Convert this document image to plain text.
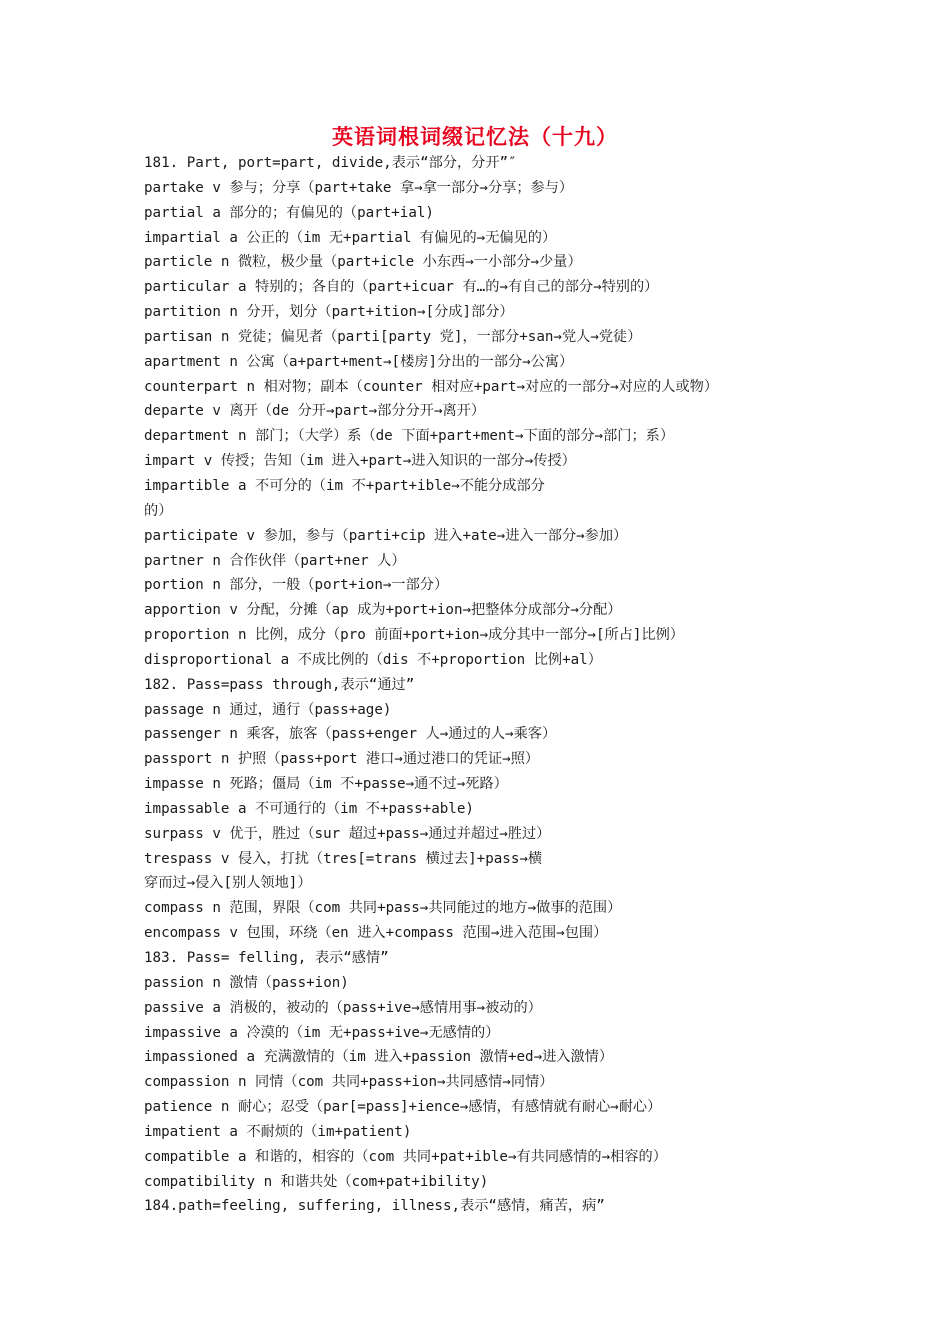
英语词根词缀记忆法（十九）
181. Part, port=part, divide,表示“部分，分开”″
partake v 参与；分享（part+take 拿→拿一部分→分享；参与）
partial a 部分的；有偏见的（part+ial)
impartial a 公正的（im 无+partial 有偏见的→无偏见的）
particle n 微粒，极少量（part+icle 小东西→一小部分→少量）
particular a 特别的；各自的（part+icuar 有…的→有自己的部分→特别的）
partition n 分开，划分（part+ition→[分成]部分）
partisan n 党徒；偏见者（parti[party 党]，一部分+san→党人→党徒）
apartment n 公寓（a+part+ment→[楼房]分出的一部分→公寓）
counterpart n 相对物；副本（counter 相对应+part→对应的一部分→对应的人或物）
departe v 离开（de 分开→part→部分分开→离开）
department n 部门；（大学）系（de 下面+part+ment→下面的部分→部门；系）
impart v 传授；告知（im 进入+part→进入知识的一部分→传授）
impartible a 不可分的（im 不+part+ible→不能分成部分
的）
participate v 参加，参与（parti+cip 进入+ate→进入一部分→参加）
partner n 合作伙伴（part+ner 人）
portion n 部分，一般（port+ion→一部分）
apportion v 分配，分摊（ap 成为+port+ion→把整体分成部分→分配）
proportion n 比例，成分（pro 前面+port+ion→成分其中一部分→[所占]比例）
disproportional a 不成比例的（dis 不+proportion 比例+al）
182. Pass=pass through,表示“通过”
passage n 通过，通行（pass+age)
passenger n 乘客，旅客（pass+enger 人→通过的人→乘客）
passport n 护照（pass+port 港口→通过港口的凭证→照）
impasse n 死路；僵局（im 不+passe→通不过→死路）
impassable a 不可通行的（im 不+pass+able)
surpass v 优于，胜过（sur 超过+pass→通过并超过→胜过）
trespass v 侵入，打扰（tres[=trans 横过去]+pass→横
穿而过→侵入[别人领地]）
compass n 范围，界限（com 共同+pass→共同能过的地方→做事的范围）
encompass v 包围，环绕（en 进入+compass 范围→进入范围→包围）
183. Pass= felling, 表示“感情”
passion n 激情（pass+ion)
passive a 消极的，被动的（pass+ive→感情用事→被动的）
impassive a 冷漠的（im 无+pass+ive→无感情的）
impassioned a 充满激情的（im 进入+passion 激情+ed→进入激情）
compassion n 同情（com 共同+pass+ion→共同感情→同情）
patience n 耐心；忍受（par[=pass]+ience→感情，有感情就有耐心→耐心）
impatient a 不耐烦的（im+patient)
compatible a 和谐的，相容的（com 共同+pat+ible→有共同感情的→相容的）
compatibility n 和谐共处（com+pat+ibility)
184.path=feeling, suffering, illness,表示“感情，痛苦，病”
